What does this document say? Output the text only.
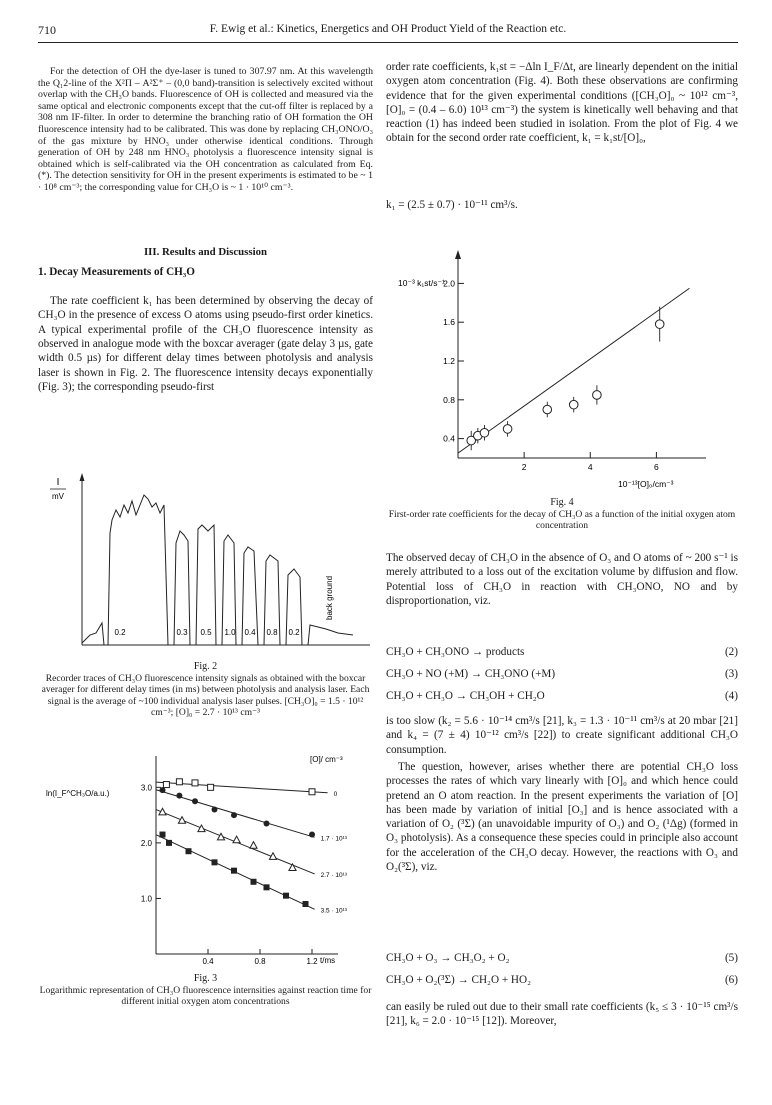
710	F. Ewig et al.: Kinetics, Energetics and OH Product Yield of the Reaction etc.

For the detection of OH the dye-laser is tuned to 307.97 nm. At this wavelength the Q₁2-line of the X²Π – A²Σ⁺ – (0,0 band)-transition is selectively excited without overlap with the CH₃O bands. Fluorescence of OH is collected and measured via the same optical and electronic components except that the cut-off filter is replaced by a 308 nm IF-filter. In order to determine the branching ratio of OH formation the OH fluorescence intensity had to be calibrated. This was done by replacing CH₃ONO/O₃ of the gas mixture by HNO₃ under otherwise identical conditions. Through generation of OH by 248 nm HNO₃ photolysis a fluorescence intensity signal is obtained which is self-calibrated via the OH concentration as calculated from Eq. (*). The detection sensitivity for OH in the present experiments is estimated to be ~ 1 · 10⁸ cm⁻³; the corresponding value for CH₃O is ~ 1 · 10¹⁰ cm⁻³.

III. Results and Discussion
1. Decay Measurements of CH₃O

The rate coefficient k₁ has been determined by observing the decay of CH₃O in the presence of excess O atoms using pseudo-first order kinetics. A typical experimental profile of the CH₃O fluorescence intensity as observed in analogue mode with the boxcar averager (gate delay 3 µs, gate width 0.5 µs) for different delay times between photolysis and analysis laser is shown in Fig. 2. The fluorescence intensity decays exponentially (Fig. 3); the corresponding pseudo-first

I
mV
0.2	0.3 0.5 1.0 0.4 0.8 0.2
back ground
Fig. 2
Recorder traces of CH₃O fluorescence intensity signals as obtained with the boxcar averager for different delay times (in ms) between photolysis and analysis laser. Each signal is the average of ~100 individual analysis laser pulses. [CH₃O]₀ = 1.5 · 10¹² cm⁻³; [O]₀ = 2.7 · 10¹³ cm⁻³
ln(I_F^CH₃O/a.u.)
[O]/ cm⁻³
t/ms
0.4	0.8	1.2
1.0
2.0
3.0
0
1.7 · 10¹³
2.7 · 10¹³
3.5 · 10¹³
Fig. 3
Logarithmic representation of CH₃O fluorescence internsities against reaction time for different initial oxygen atom concentrations

order rate coefficients, k₁st = −Δln I_F/Δt, are linearly dependent on the initial oxygen atom concentration (Fig. 4). Both these observations are confirming evidence that for the given experimental conditions ([CH₃O]₀ ~ 10¹² cm⁻³, [O]₀ = (0.4 – 6.0) 10¹³ cm⁻³) the system is kinetically well behaving and that reaction (1) has indeed been studied in isolation. From the plot of Fig. 4 we obtain for the second order rate coefficient, k₁ = k₁st/[O]₀,

k₁ = (2.5 ± 0.7) · 10⁻¹¹ cm³/s.
10⁻³ k₁st/s⁻¹
10⁻¹³[O]₀/cm⁻³
2	4	6
0.4
0.8
1.2
1.6
2.0
Fig. 4
First-order rate coefficients for the decay of CH₃O as a function of the initial oxygen atom concentration

The observed decay of CH₃O in the absence of O₃ and O atoms of ~ 200 s⁻¹ is merely attributed to a loss out of the excitation volume by diffusion and flow. Potential loss of CH₃O in reaction with CH₃ONO, NO and by disproportionation, viz.

CH₃O + CH₃ONO → products	(2)
CH₃O + NO (+M) → CH₃ONO (+M)	(3)
CH₃O + CH₃O → CH₃OH + CH₂O	(4)

is too slow (k₂ = 5.6 · 10⁻¹⁴ cm³/s [21], k₃ = 1.3 · 10⁻¹¹ cm³/s at 20 mbar [21] and k₄ = (7 ± 4) 10⁻¹² cm³/s [22]) to create significant additional CH₃O consumption.

The question, however, arises whether there are potential CH₃O loss processes the rates of which vary linearly with [O]₀ and which hence could pretend an O atom reaction. In the present experiments the variation of [O] has been made by variation of initial [O₃] and is hence associated with a variation of O₂ (³Σ) (an unavoidable impurity of O₃) and O₂ (¹Δg) (formed in O₃ photolysis). As a consequence these species could in principle also account for the acceleration of the CH₃O decay. However, the reactions with O₃ and O₂(³Σ), viz.

CH₃O + O₃ → CH₃O₂ + O₂	(5)
CH₃O + O₂(³Σ) → CH₂O + HO₂	(6)

can easily be ruled out due to their small rate coefficients (k₅ ≤ 3 · 10⁻¹⁵ cm³/s [21], k₆ = 2.0 · 10⁻¹⁵ [12]). Moreover,
